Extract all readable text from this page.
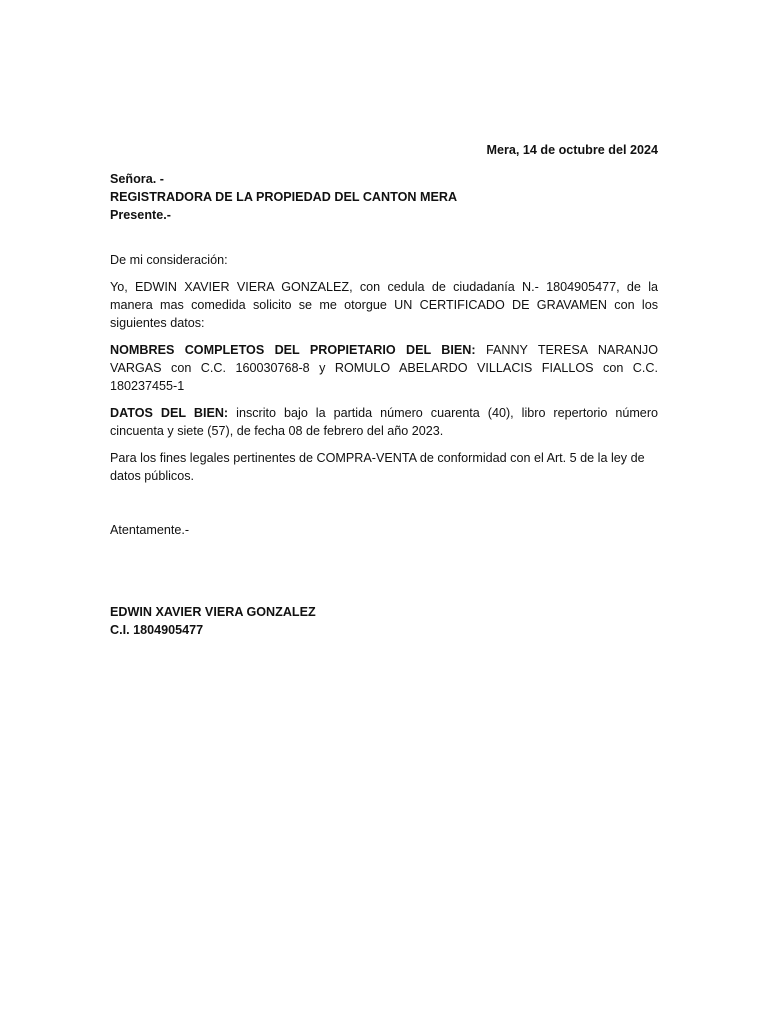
Mera, 14 de octubre del 2024

Señora. -

REGISTRADORA DE LA PROPIEDAD DEL CANTON MERA

Presente.-

De mi consideración:

Yo, EDWIN XAVIER VIERA GONZALEZ, con cedula de ciudadanía N.- 1804905477, de la manera mas comedida solicito se me otorgue UN CERTIFICADO DE GRAVAMEN con los siguientes datos:

NOMBRES COMPLETOS DEL PROPIETARIO DEL BIEN: FANNY TERESA NARANJO VARGAS con C.C. 160030768-8 y ROMULO ABELARDO VILLACIS FIALLOS con C.C. 180237455-1

DATOS DEL BIEN: inscrito bajo la partida número cuarenta (40), libro repertorio número cincuenta y siete (57), de fecha 08 de febrero del año 2023.

Para los fines legales pertinentes de COMPRA-VENTA de conformidad con el Art. 5 de la ley de datos públicos.

Atentamente.-

EDWIN XAVIER VIERA GONZALEZ
C.I. 1804905477
